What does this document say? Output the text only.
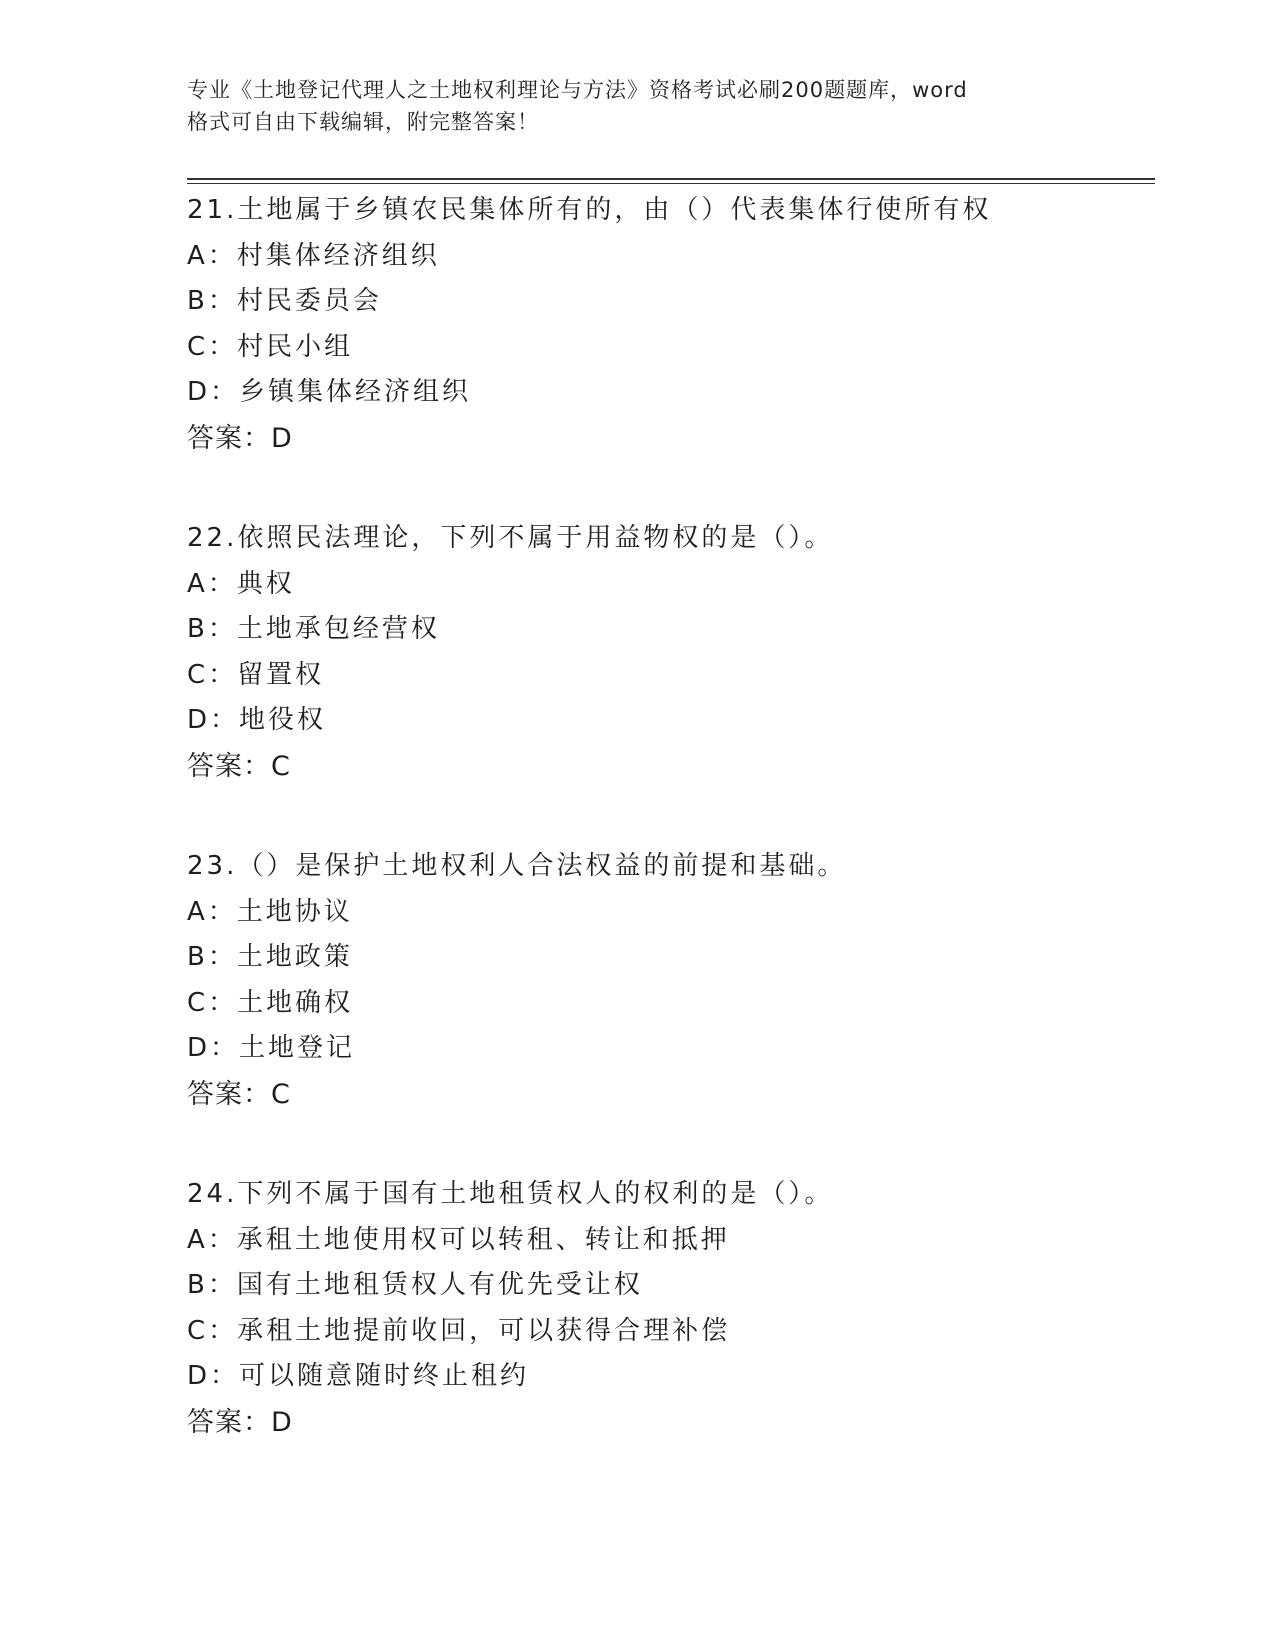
专业《土地登记代理人之土地权利理论与方法》资格考试必刷200题题库，word
格式可自由下载编辑，附完整答案！
21.土地属于乡镇农民集体所有的，由（）代表集体行使所有权
A：村集体经济组织
B：村民委员会
C：村民小组
D：乡镇集体经济组织
答案：D
22.依照民法理论，下列不属于用益物权的是（）。
A：典权
B：土地承包经营权
C：留置权
D：地役权
答案：C
23.（）是保护土地权利人合法权益的前提和基础。
A：土地协议
B：土地政策
C：土地确权
D：土地登记
答案：C
24.下列不属于国有土地租赁权人的权利的是（）。
A：承租土地使用权可以转租、转让和抵押
B：国有土地租赁权人有优先受让权
C：承租土地提前收回，可以获得合理补偿
D：可以随意随时终止租约
答案：D
